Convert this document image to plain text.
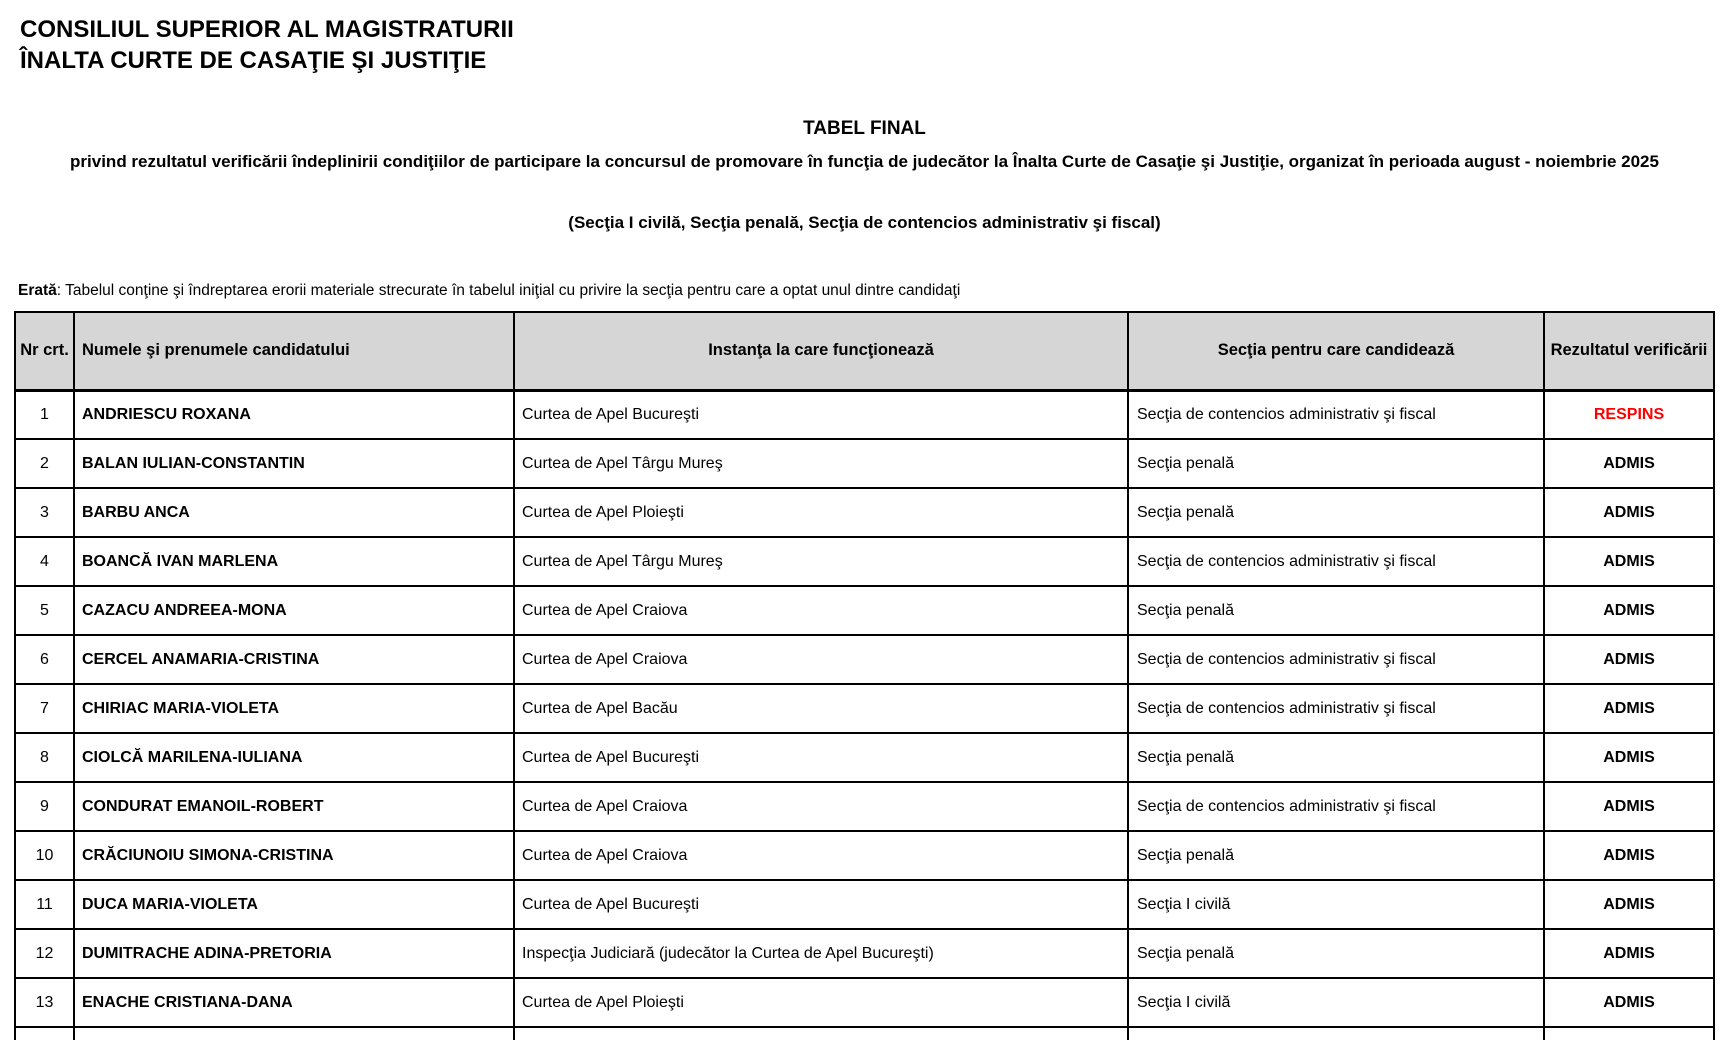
CONSILIUL SUPERIOR AL MAGISTRATURII
ÎNALTA CURTE DE CASAŢIE ŞI JUSTIŢIE
TABEL FINAL
privind rezultatul verificării îndeplinirii condiţiilor de participare la concursul de promovare în funcţia de judecător la Înalta Curte de Casaţie şi Justiţie, organizat în perioada august - noiembrie 2025
(Secţia I civilă, Secţia penală, Secţia de contencios administrativ şi fiscal)
Erată: Tabelul conţine şi îndreptarea erorii materiale strecurate în tabelul iniţial cu privire la secţia pentru care a optat unul dintre candidaţi
Nr crt.	Numele şi prenumele candidatului	Instanţa la care funcţionează	Secţia pentru care candidează	Rezultatul verificării
1	ANDRIESCU ROXANA	Curtea de Apel Bucureşti	Secţia de contencios administrativ şi fiscal	RESPINS
2	BALAN IULIAN-CONSTANTIN	Curtea de Apel Târgu Mureş	Secţia penală	ADMIS
3	BARBU ANCA	Curtea de Apel Ploieşti	Secţia penală	ADMIS
4	BOANCĂ IVAN MARLENA	Curtea de Apel Târgu Mureş	Secţia de contencios administrativ şi fiscal	ADMIS
5	CAZACU ANDREEA-MONA	Curtea de Apel Craiova	Secţia penală	ADMIS
6	CERCEL ANAMARIA-CRISTINA	Curtea de Apel Craiova	Secţia de contencios administrativ şi fiscal	ADMIS
7	CHIRIAC MARIA-VIOLETA	Curtea de Apel Bacău	Secţia de contencios administrativ şi fiscal	ADMIS
8	CIOLCĂ MARILENA-IULIANA	Curtea de Apel Bucureşti	Secţia penală	ADMIS
9	CONDURAT EMANOIL-ROBERT	Curtea de Apel Craiova	Secţia de contencios administrativ şi fiscal	ADMIS
10	CRĂCIUNOIU SIMONA-CRISTINA	Curtea de Apel Craiova	Secţia penală	ADMIS
11	DUCA MARIA-VIOLETA	Curtea de Apel Bucureşti	Secţia I civilă	ADMIS
12	DUMITRACHE ADINA-PRETORIA	Inspecţia Judiciară (judecător la Curtea de Apel Bucureşti)	Secţia penală	ADMIS
13	ENACHE CRISTIANA-DANA	Curtea de Apel Ploieşti	Secţia I civilă	ADMIS
